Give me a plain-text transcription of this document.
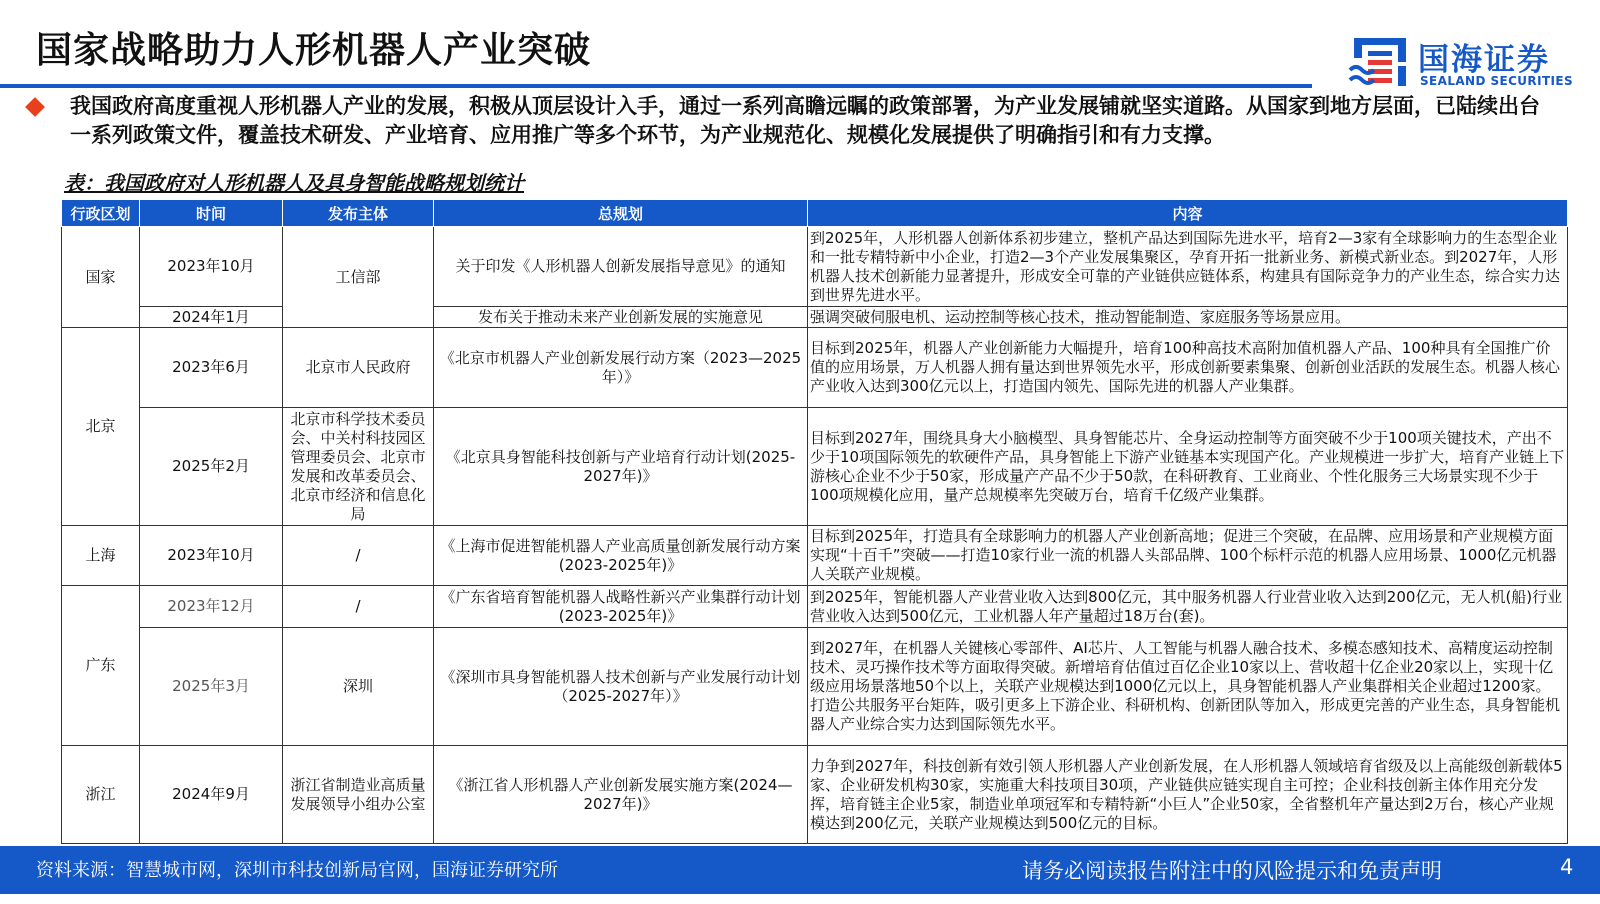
国家战略助力人形机器人产业突破	国海证券
SEALAND SECURITIES
我国政府高度重视人形机器人产业的发展，积极从顶层设计入手，通过一系列高瞻远瞩的政策部署，为产业发展铺就坚实道路。从国家到地方层面，已陆续出台一系列政策文件，覆盖技术研发、产业培育、应用推广等多个环节，为产业规范化、规模化发展提供了明确指引和有力支撑。
表：我国政府对人形机器人及具身智能战略规划统计
行政区划	时间	发布主体	总规划	内容
国家	2023年10月	工信部	关于印发《人形机器人创新发展指导意见》的通知	到2025年，人形机器人创新体系初步建立，整机产品达到国际先进水平，培育2—3家有全球影响力的生态型企业和一批专精特新中小企业，打造2—3个产业发展集聚区，孕育开拓一批新业务、新模式新业态。到2027年，人形机器人技术创新能力显著提升，形成安全可靠的产业链供应链体系，构建具有国际竞争力的产业生态，综合实力达到世界先进水平。
	2024年1月		发布关于推动未来产业创新发展的实施意见	强调突破伺服电机、运动控制等核心技术，推动智能制造、家庭服务等场景应用。
北京	2023年6月	北京市人民政府	《北京市机器人产业创新发展行动方案（2023—2025年）》	目标到2025年，机器人产业创新能力大幅提升，培育100种高技术高附加值机器人产品、100种具有全国推广价值的应用场景，万人机器人拥有量达到世界领先水平，形成创新要素集聚、创新创业活跃的发展生态。机器人核心产业收入达到300亿元以上，打造国内领先、国际先进的机器人产业集群。
	2025年2月	北京市科学技术委员会、中关村科技园区管理委员会、北京市发展和改革委员会、北京市经济和信息化局	《北京具身智能科技创新与产业培育行动计划(2025-2027年)》	目标到2027年，围绕具身大小脑模型、具身智能芯片、全身运动控制等方面突破不少于100项关键技术，产出不少于10项国际领先的软硬件产品，具身智能上下游产业链基本实现国产化。产业规模进一步扩大，培育产业链上下游核心企业不少于50家，形成量产产品不少于50款，在科研教育、工业商业、个性化服务三大场景实现不少于100项规模化应用，量产总规模率先突破万台，培育千亿级产业集群。
上海	2023年10月	/	《上海市促进智能机器人产业高质量创新发展行动方案(2023-2025年)》	目标到2025年，打造具有全球影响力的机器人产业创新高地；促进三个突破，在品牌、应用场景和产业规模方面实现“十百千”突破——打造10家行业一流的机器人头部品牌、100个标杆示范的机器人应用场景、1000亿元机器人关联产业规模。
广东	2023年12月	/	《广东省培育智能机器人战略性新兴产业集群行动计划(2023-2025年)》	到2025年，智能机器人产业营业收入达到800亿元，其中服务机器人行业营业收入达到200亿元，无人机(船)行业营业收入达到500亿元，工业机器人年产量超过18万台(套)。
	2025年3月	深圳	《深圳市具身智能机器人技术创新与产业发展行动计划（2025-2027年）》	到2027年，在机器人关键核心零部件、AI芯片、人工智能与机器人融合技术、多模态感知技术、高精度运动控制技术、灵巧操作技术等方面取得突破。新增培育估值过百亿企业10家以上、营收超十亿企业20家以上，实现十亿级应用场景落地50个以上，关联产业规模达到1000亿元以上，具身智能机器人产业集群相关企业超过1200家。打造公共服务平台矩阵，吸引更多上下游企业、科研机构、创新团队等加入，形成更完善的产业生态，具身智能机器人产业综合实力达到国际领先水平。
浙江	2024年9月	浙江省制造业高质量发展领导小组办公室	《浙江省人形机器人产业创新发展实施方案(2024—2027年)》	力争到2027年，科技创新有效引领人形机器人产业创新发展，在人形机器人领域培育省级及以上高能级创新载体5家、企业研发机构30家，实施重大科技项目30项，产业链供应链实现自主可控；企业科技创新主体作用充分发挥，培育链主企业5家，制造业单项冠军和专精特新“小巨人”企业50家，全省整机年产量达到2万台，核心产业规模达到200亿元，关联产业规模达到500亿元的目标。
资料来源：智慧城市网，深圳市科技创新局官网，国海证券研究所	请务必阅读报告附注中的风险提示和免责声明	4
